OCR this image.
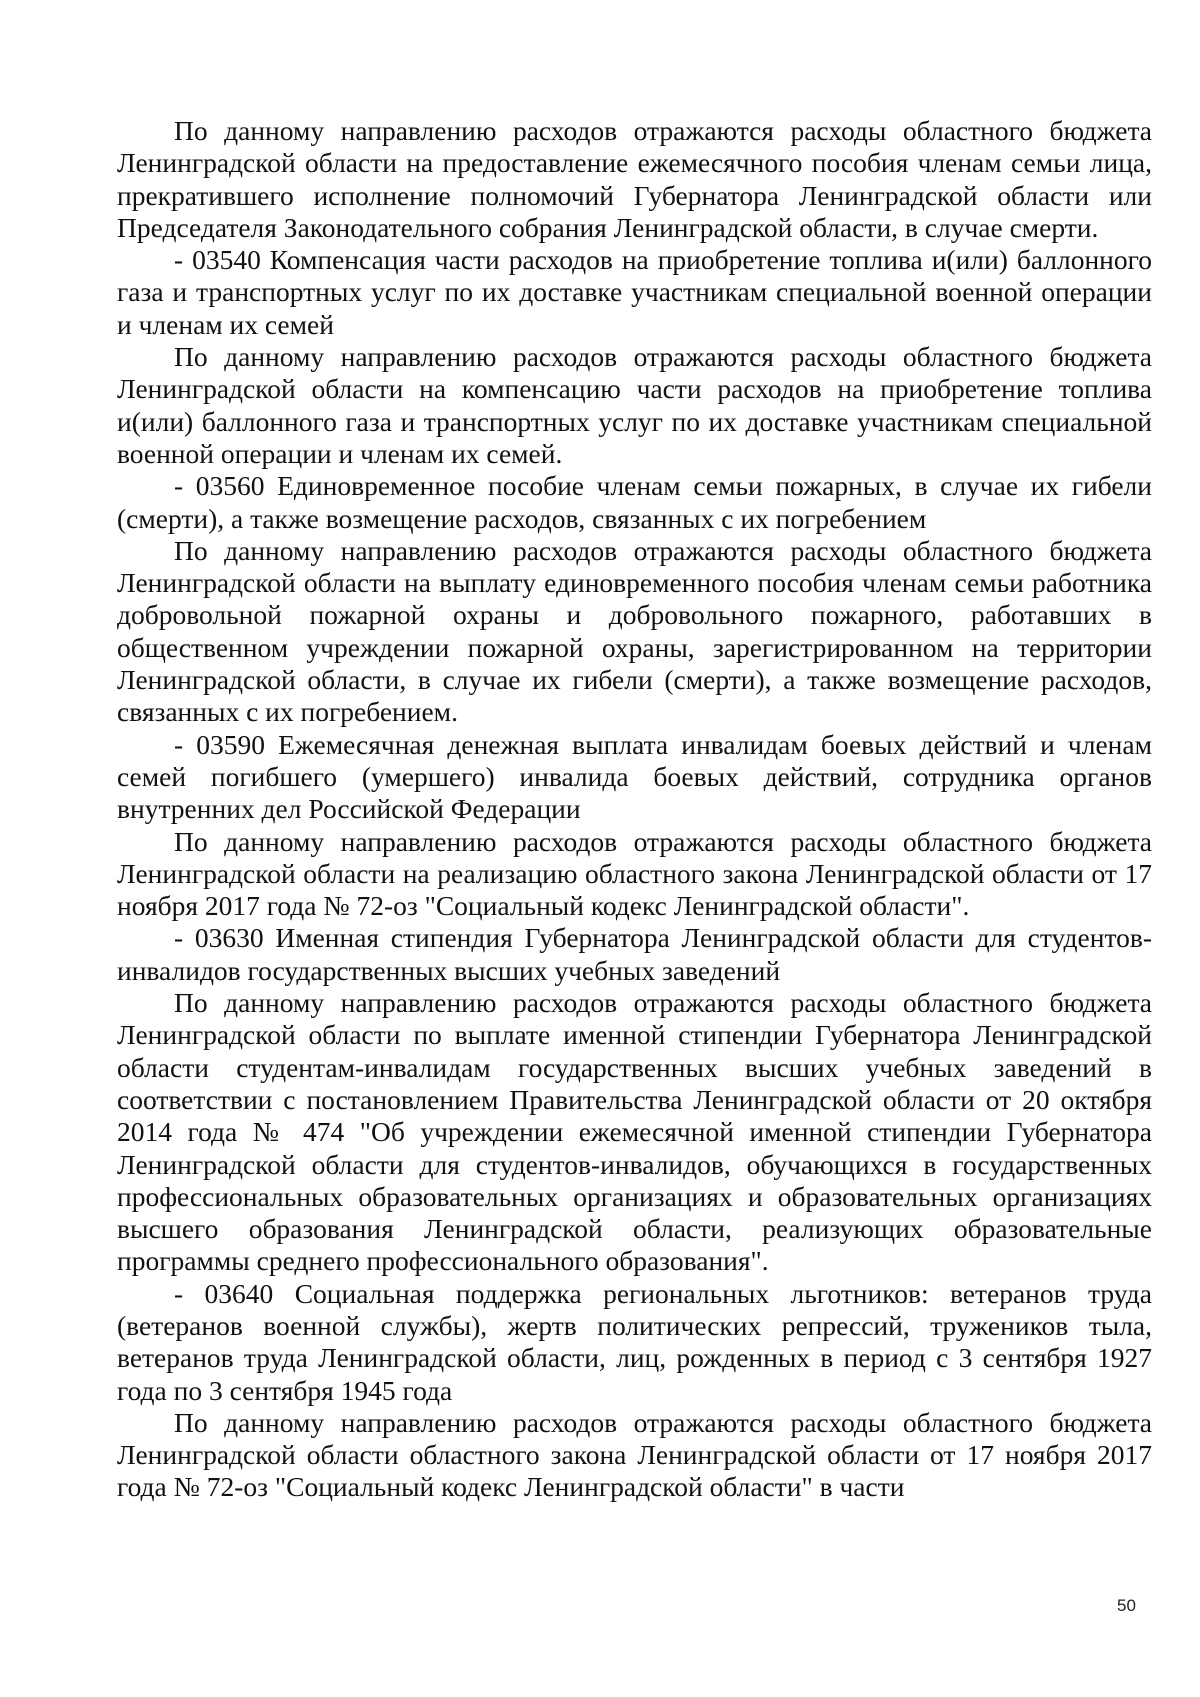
По данному направлению расходов отражаются расходы областного бюджета Ленинградской области на предоставление ежемесячного пособия членам семьи лица, прекратившего исполнение полномочий Губернатора Ленинградской области или Председателя Законодательного собрания Ленинградской области, в случае смерти.

- 03540 Компенсация части расходов на приобретение топлива и(или) баллонного газа и транспортных услуг по их доставке участникам специальной военной операции и членам их семей

По данному направлению расходов отражаются расходы областного бюджета Ленинградской области на компенсацию части расходов на приобретение топлива и(или) баллонного газа и транспортных услуг по их доставке участникам специальной военной операции и членам их семей.

- 03560 Единовременное пособие членам семьи пожарных, в случае их гибели (смерти), а также возмещение расходов, связанных с их погребением

По данному направлению расходов отражаются расходы областного бюджета Ленинградской области на выплату единовременного пособия членам семьи работника добровольной пожарной охраны и добровольного пожарного, работавших в общественном учреждении пожарной охраны, зарегистрированном на территории Ленинградской области, в случае их гибели (смерти), а также возмещение расходов, связанных с их погребением.

- 03590 Ежемесячная денежная выплата инвалидам боевых действий и членам семей погибшего (умершего) инвалида боевых действий, сотрудника органов внутренних дел Российской Федерации

По данному направлению расходов отражаются расходы областного бюджета Ленинградской области на реализацию областного закона Ленинградской области от 17 ноября 2017 года № 72-оз "Социальный кодекс Ленинградской области".

- 03630 Именная стипендия Губернатора Ленинградской области для студентов-инвалидов государственных высших учебных заведений

По данному направлению расходов отражаются расходы областного бюджета Ленинградской области по выплате именной стипендии Губернатора Ленинградской области студентам-инвалидам государственных высших учебных заведений в соответствии с постановлением Правительства Ленинградской области от 20 октября 2014 года № 474 "Об учреждении ежемесячной именной стипендии Губернатора Ленинградской области для студентов-инвалидов, обучающихся в государственных профессиональных образовательных организациях и образовательных организациях высшего образования Ленинградской области, реализующих образовательные программы среднего профессионального образования".

- 03640 Социальная поддержка региональных льготников: ветеранов труда (ветеранов военной службы), жертв политических репрессий, тружеников тыла, ветеранов труда Ленинградской области, лиц, рожденных в период с 3 сентября 1927 года по 3 сентября 1945 года

По данному направлению расходов отражаются расходы областного бюджета Ленинградской области областного закона Ленинградской области от 17 ноября 2017 года № 72-оз "Социальный кодекс Ленинградской области" в части

50
